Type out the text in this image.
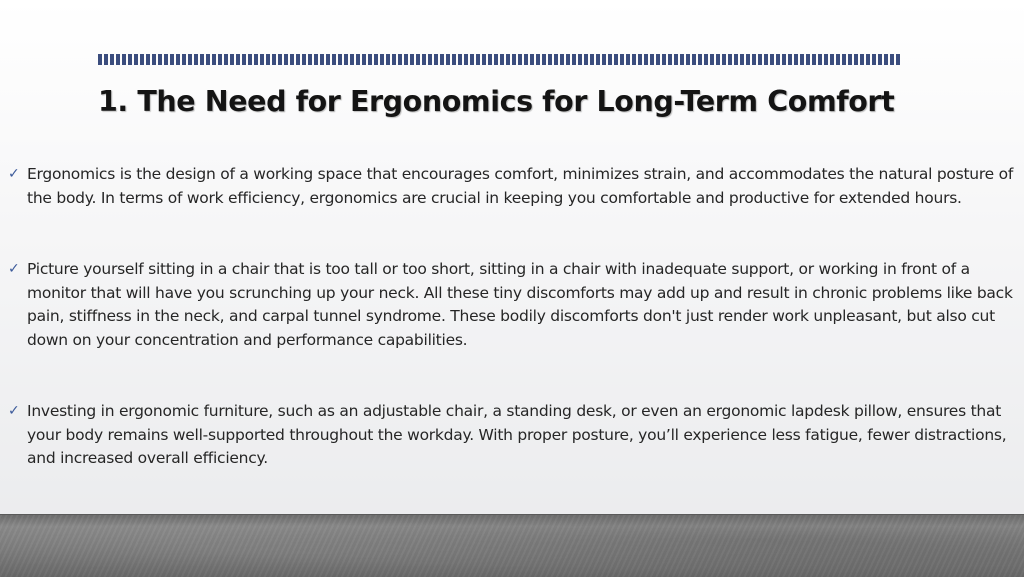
1. The Need for Ergonomics for Long-Term Comfort
✓ Ergonomics is the design of a working space that encourages comfort, minimizes strain, and accommodates the natural posture of the body. In terms of work efficiency, ergonomics are crucial in keeping you comfortable and productive for extended hours.
✓ Picture yourself sitting in a chair that is too tall or too short, sitting in a chair with inadequate support, or working in front of a monitor that will have you scrunching up your neck. All these tiny discomforts may add up and result in chronic problems like back pain, stiffness in the neck, and carpal tunnel syndrome. These bodily discomforts don't just render work unpleasant, but also cut down on your concentration and performance capabilities.
✓ Investing in ergonomic furniture, such as an adjustable chair, a standing desk, or even an ergonomic lapdesk pillow, ensures that your body remains well-supported throughout the workday. With proper posture, you’ll experience less fatigue, fewer distractions, and increased overall efficiency.
